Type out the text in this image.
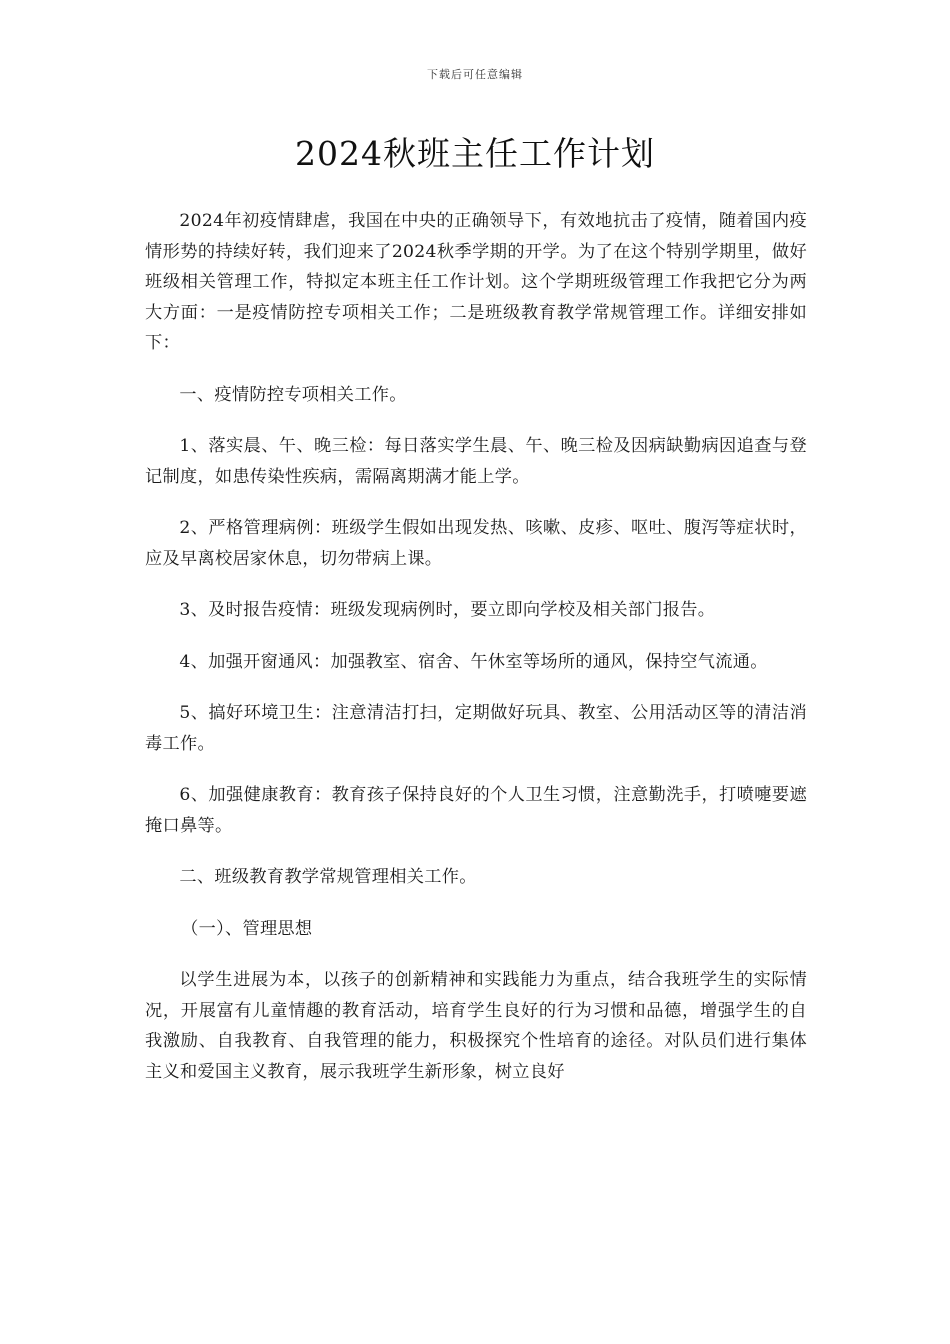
下载后可任意编辑
2024秋班主任工作计划

2024年初疫情肆虐，我国在中央的正确领导下，有效地抗击了疫情，随着国内疫情形势的持续好转，我们迎来了2024秋季学期的开学。为了在这个特别学期里，做好班级相关管理工作，特拟定本班主任工作计划。这个学期班级管理工作我把它分为两大方面：一是疫情防控专项相关工作；二是班级教育教学常规管理工作。详细安排如下：

一、疫情防控专项相关工作。

1、落实晨、午、晚三检：每日落实学生晨、午、晚三检及因病缺勤病因追查与登记制度，如患传染性疾病，需隔离期满才能上学。

2、严格管理病例：班级学生假如出现发热、咳嗽、皮疹、呕吐、腹泻等症状时，应及早离校居家休息，切勿带病上课。

3、及时报告疫情：班级发现病例时，要立即向学校及相关部门报告。

4、加强开窗通风：加强教室、宿舍、午休室等场所的通风，保持空气流通。

5、搞好环境卫生：注意清洁打扫，定期做好玩具、教室、公用活动区等的清洁消毒工作。

6、加强健康教育：教育孩子保持良好的个人卫生习惯，注意勤洗手，打喷嚏要遮掩口鼻等。

二、班级教育教学常规管理相关工作。

（一）、管理思想

以学生进展为本，以孩子的创新精神和实践能力为重点，结合我班学生的实际情况，开展富有儿童情趣的教育活动，培育学生良好的行为习惯和品德，增强学生的自我激励、自我教育、自我管理的能力，积极探究个性培育的途径。对队员们进行集体主义和爱国主义教育，展示我班学生新形象，树立良好
